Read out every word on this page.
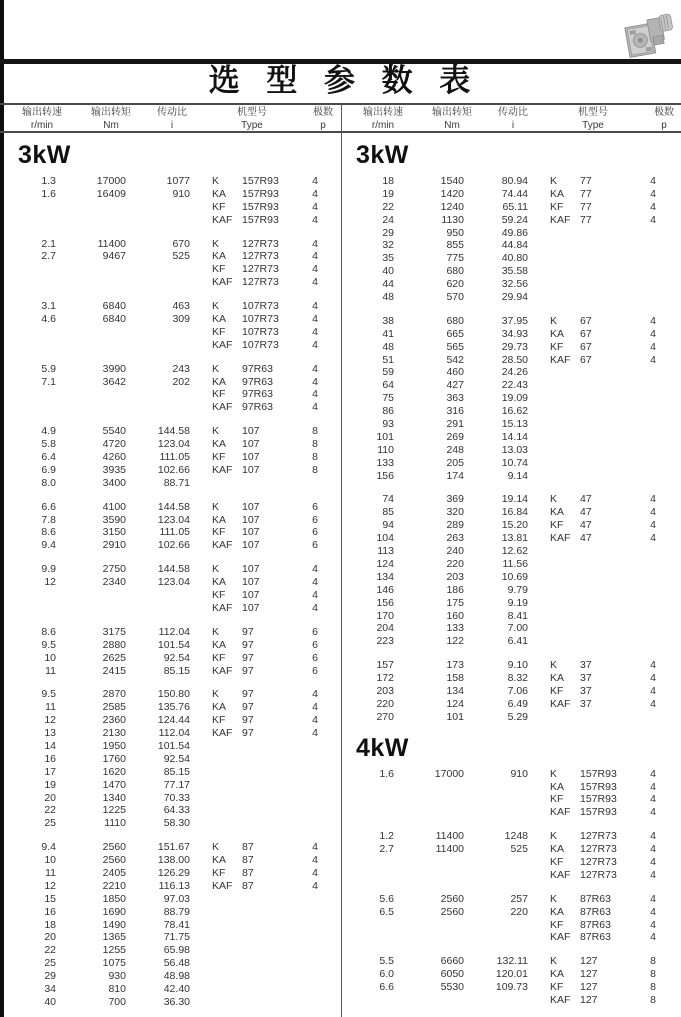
选 型 参 数 表
输出转速
r/min
输出转矩
Nm
传动比
i
机型号
Type
极数
p
输出转速
r/min
输出转矩
Nm
传动比
i
机型号
Type
极数
p
3kW
1.3	17000	1077 K 157R93	4
1.6	16409	910 KA 157R93	4
KF 157R93	4
KAF 157R93	4
2.1	11400	670 K 127R73	4
2.7	9467	525 KA 127R73	4
KF 127R73	4
KAF 127R73	4
3.1	6840	463 K 107R73	4
4.6	6840	309 KA 107R73	4
KF 107R73	4
KAF 107R73	4
5.9	3990	243 K 97R63	4
7.1	3642	202 KA 97R63	4
KF 97R63	4
KAF 97R63	4
4.9	5540	144.58 K 107	8
5.8	4720	123.04 KA 107	8
6.4	4260	111.05 KF 107	8
6.9	3935	102.66 KAF 107	8
8.0	3400	88.71
6.6	4100	144.58 K 107	6
7.8	3590	123.04 KA 107	6
8.6	3150	111.05 KF 107	6
9.4	2910	102.66 KAF 107	6
9.9	2750	144.58 K 107	4
12	2340	123.04 KA 107	4
KF 107	4
KAF 107	4
8.6	3175	112.04 K 97	6
9.5	2880	101.54 KA 97	6
10	2625	92.54 KF 97	6
11	2415	85.15 KAF 97	6
9.5	2870	150.80 K 97	4
11	2585	135.76 KA 97	4
12	2360	124.44 KF 97	4
13	2130	112.04 KAF 97	4
14	1950	101.54
16	1760	92.54
17	1620	85.15
19	1470	77.17
20	1340	70.33
22	1225	64.33
25	1110	58.30
9.4	2560	151.67 K 87	4
10	2560	138.00 KA 87	4
11	2405	126.29 KF 87	4
12	2210	116.13 KAF 87	4
15	1850	97.03
16	1690	88.79
18	1490	78.41
20	1365	71.75
22	1255	65.98
25	1075	56.48
29	930	48.98
34	810	42.40
40	700	36.30
3kW
18	1540	80.94 K 77	4
19	1420	74.44 KA 77	4
22	1240	65.11 KF 77	4
24	1130	59.24 KAF 77	4
29	950	49.86
32	855	44.84
35	775	40.80
40	680	35.58
44	620	32.56
48	570	29.94
38	680	37.95 K 67	4
41	665	34.93 KA 67	4
48	565	29.73 KF 67	4
51	542	28.50 KAF 67	4
59	460	24.26
64	427	22.43
75	363	19.09
86	316	16.62
93	291	15.13
101	269	14.14
110	248	13.03
133	205	10.74
156	174	9.14
74	369	19.14 K 47	4
85	320	16.84 KA 47	4
94	289	15.20 KF 47	4
104	263	13.81 KAF 47	4
113	240	12.62
124	220	11.56
134	203	10.69
146	186	9.79
156	175	9.19
170	160	8.41
204	133	7.00
223	122	6.41
157	173	9.10 K 37	4
172	158	8.32 KA 37	4
203	134	7.06 KF 37	4
220	124	6.49 KAF 37	4
270	101	5.29
4kW
1.6	17000	910 K 157R93	4
KA 157R93	4
KF 157R93	4
KAF 157R93	4
1.2	11400	1248 K 127R73	4
2.7	11400	525 KA 127R73	4
KF 127R73	4
KAF 127R73	4
5.6	2560	257 K 87R63	4
6.5	2560	220 KA 87R63	4
KF 87R63	4
KAF 87R63	4
5.5	6660	132.11 K 127	8
6.0	6050	120.01 KA 127	8
6.6	5530	109.73 KF 127	8
KAF 127	8
